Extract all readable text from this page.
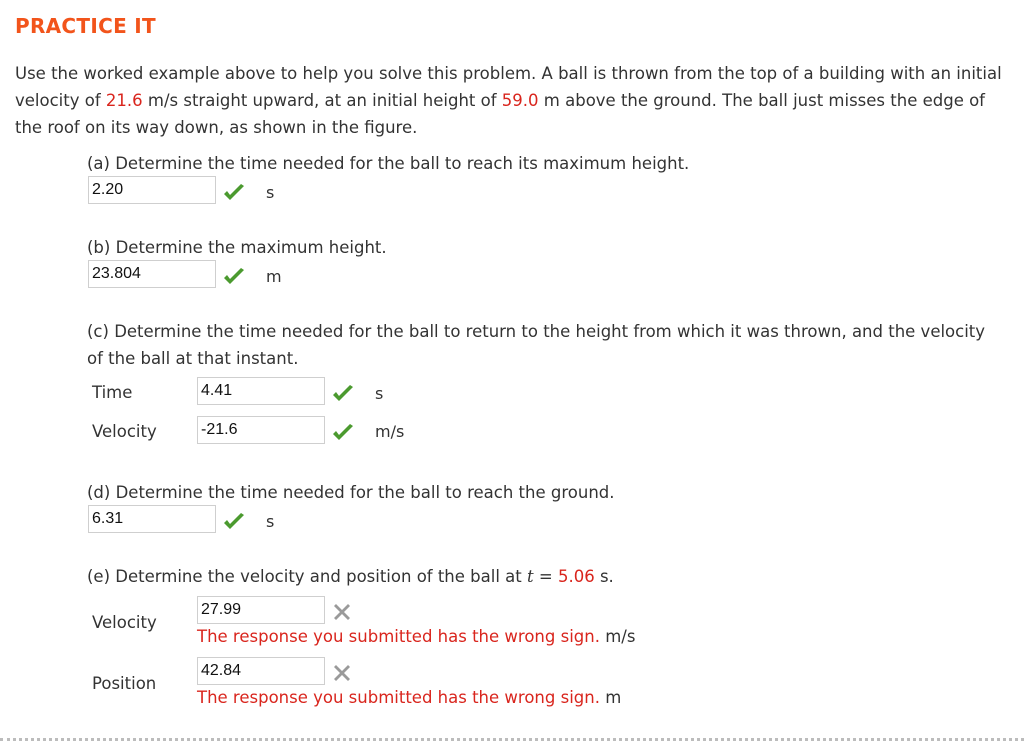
PRACTICE IT
Use the worked example above to help you solve this problem. A ball is thrown from the top of a building with an initial velocity of 21.6 m/s straight upward, at an initial height of 59.0 m above the ground. The ball just misses the edge of the roof on its way down, as shown in the figure.
(a) Determine the time needed for the ball to reach its maximum height.
2.20
s
(b) Determine the maximum height.
23.804
m
(c) Determine the time needed for the ball to return to the height from which it was thrown, and the velocity of the ball at that instant.
Time
4.41	s
Velocity
-21.6	m/s
(d) Determine the time needed for the ball to reach the ground.
6.31
s
(e) Determine the velocity and position of the ball at t = 5.06 s.
Velocity
27.99
The response you submitted has the wrong sign. m/s
Position
42.84
The response you submitted has the wrong sign. m
